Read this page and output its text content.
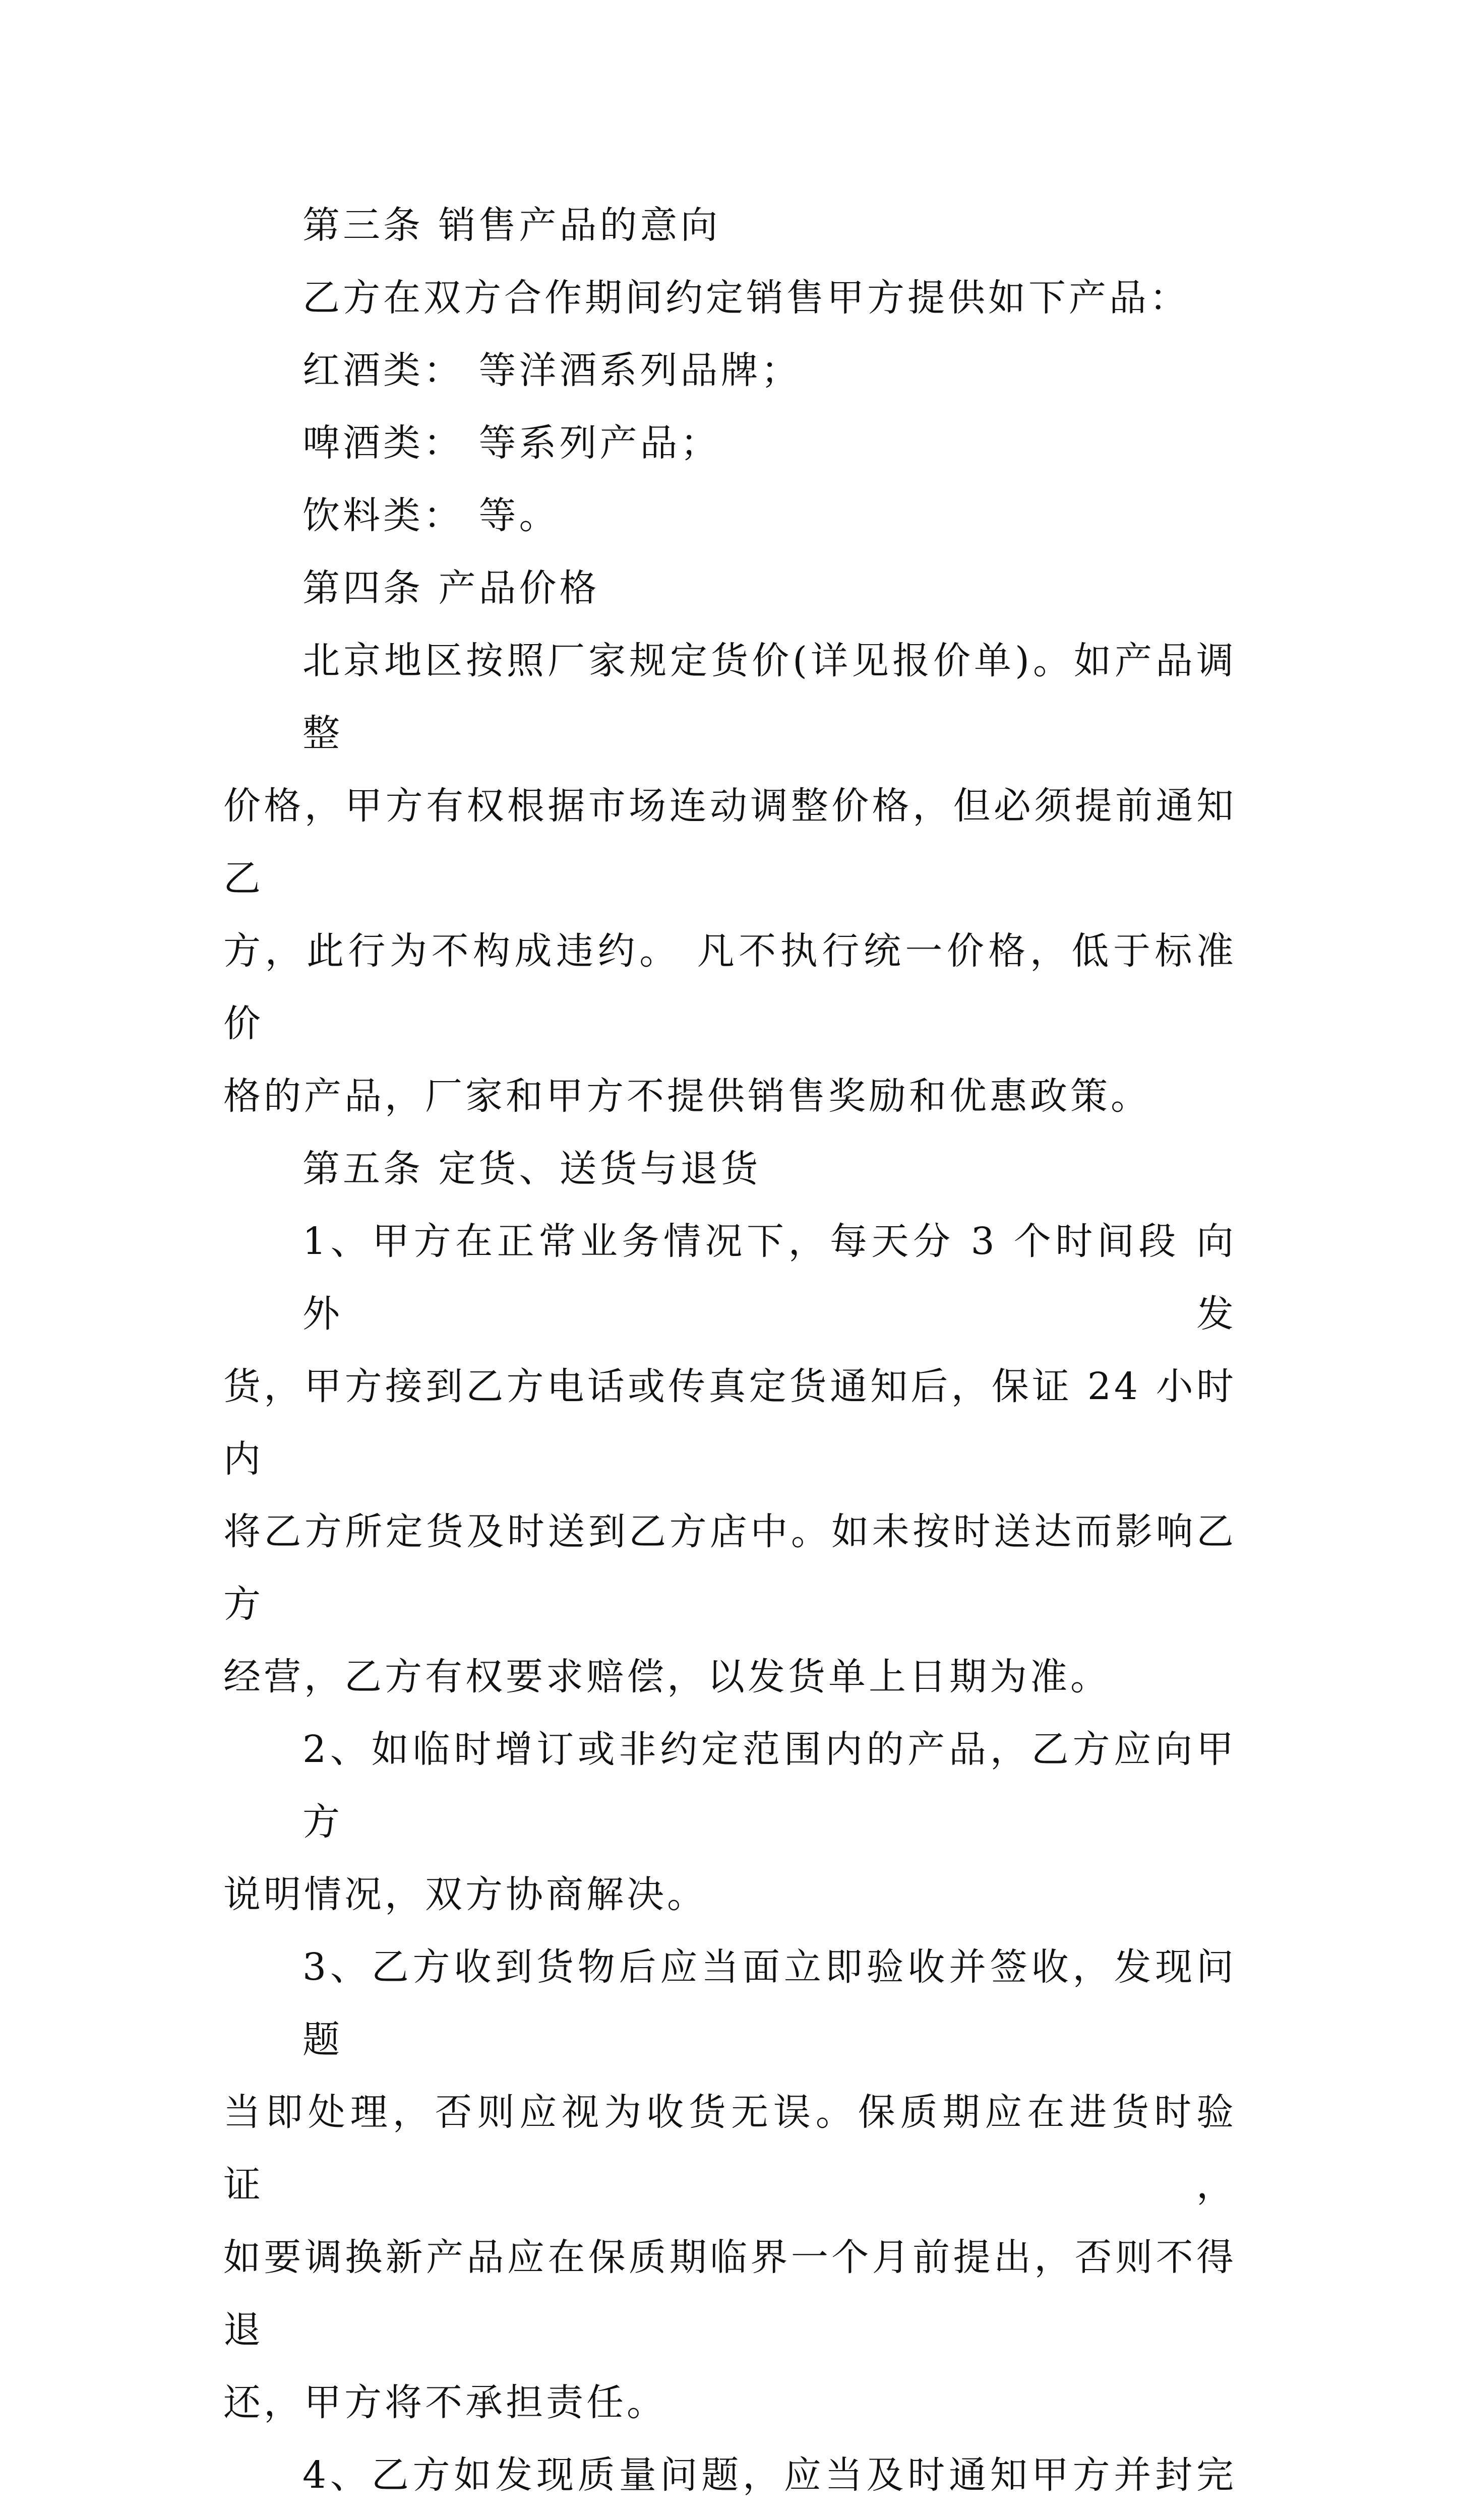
第三条 销售产品的意向
乙方在双方合作期间约定销售甲方提供如下产品：
红酒类： 等洋酒系列品牌；
啤酒类： 等系列产品；
饮料类： 等。
第四条 产品价格
北京地区按照厂家规定货价(详见报价单)。如产品调整
价格，甲方有权根据市场连动调整价格，但必须提前通知乙
方，此行为不构成违约。 凡不执行统一价格，低于标准价
格的产品，厂家和甲方不提供销售奖励和优惠政策。
第五条 定货、送货与退货
1、甲方在正常业务情况下，每天分 3 个时间段 向外发
货，甲方接到乙方电话或传真定货通知后，保证 24 小时内
将乙方所定货及时送到乙方店中。如未按时送达而影响乙方
经营，乙方有权要求赔偿，以发货单上日期为准。
2、如临时增订或非约定范围内的产品，乙方应向甲方
说明情况，双方协商解决。
3、乙方收到货物后应当面立即验收并签收，发现问题
当即处理，否则应视为收货无误。保质期应在进货时验证，
如要调换新产品应在保质期临界一个月前提出，否则不得退
还，甲方将不承担责任。
4、乙方如发现质量问题，应当及时通知甲方并封完
